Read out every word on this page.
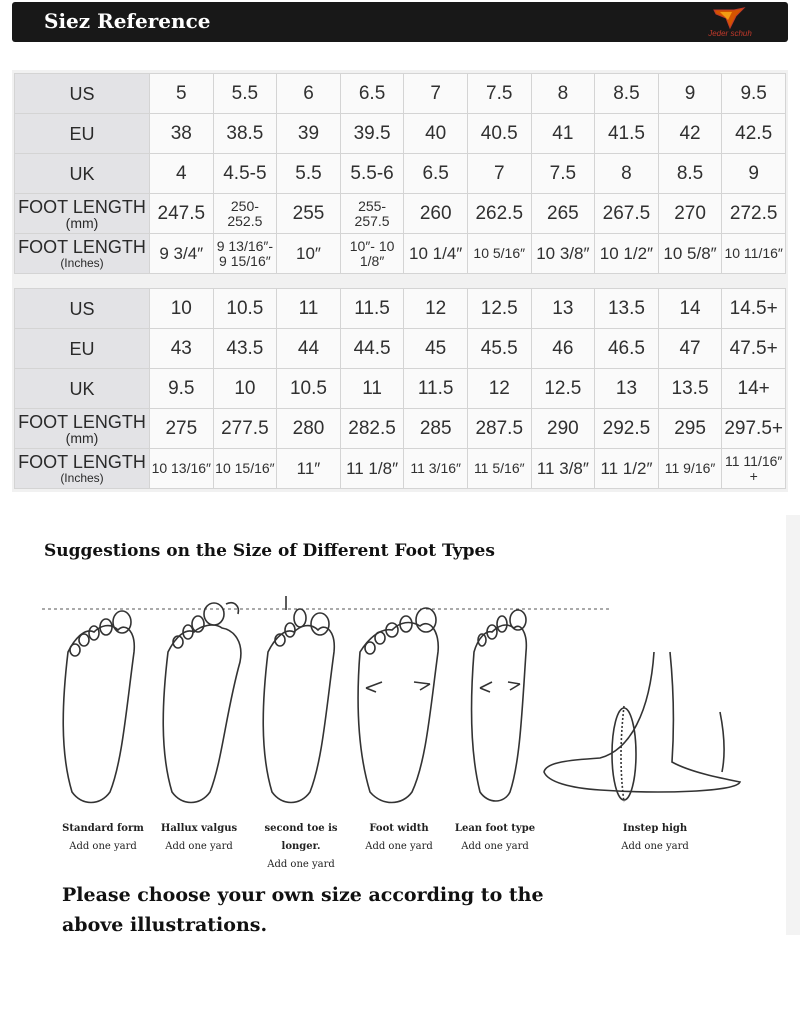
Siez Reference
Jeder schuh
US	5	5.5	6	6.5	7	7.5	8	8.5	9	9.5

EU	38	38.5	39	39.5	40	40.5	41	41.5	42	42.5

UK	4	4.5-5	5.5	5.5-6	6.5	7	7.5	8	8.5	9

FOOT LENGTH
(mm)	247.5	250-252.5	255	255-257.5	260	262.5	265	267.5	270	272.5

FOOT LENGTH
(Inches)	9 3/4″	9 13/16″- 9 15/16″	10″	10″- 10 1/8″	10 1/4″	10 5/16″	10 3/8″	10 1/2″	10 5/8″	10 11/16″
US	10	10.5	11	11.5	12	12.5	13	13.5	14	14.5+

EU	43	43.5	44	44.5	45	45.5	46	46.5	47	47.5+

UK	9.5	10	10.5	11	11.5	12	12.5	13	13.5	14+

FOOT LENGTH
(mm)	275	277.5	280	282.5	285	287.5	290	292.5	295	297.5+

FOOT LENGTH
(Inches)	10 13/16″	10 15/16″	11″	11 1/8″	11 3/16″	11 5/16″	11 3/8″	11 1/2″	11 9/16″	11 11/16″+
Suggestions on the Size of Different Foot Types
Standard form
Add one yard
Hallux valgus
Add one yard
second toe is longer.
Add one yard
Foot width
Add one yard
Lean foot type
Add one yard
Instep high
Add one yard
Please choose your own size according to the above illustrations.
